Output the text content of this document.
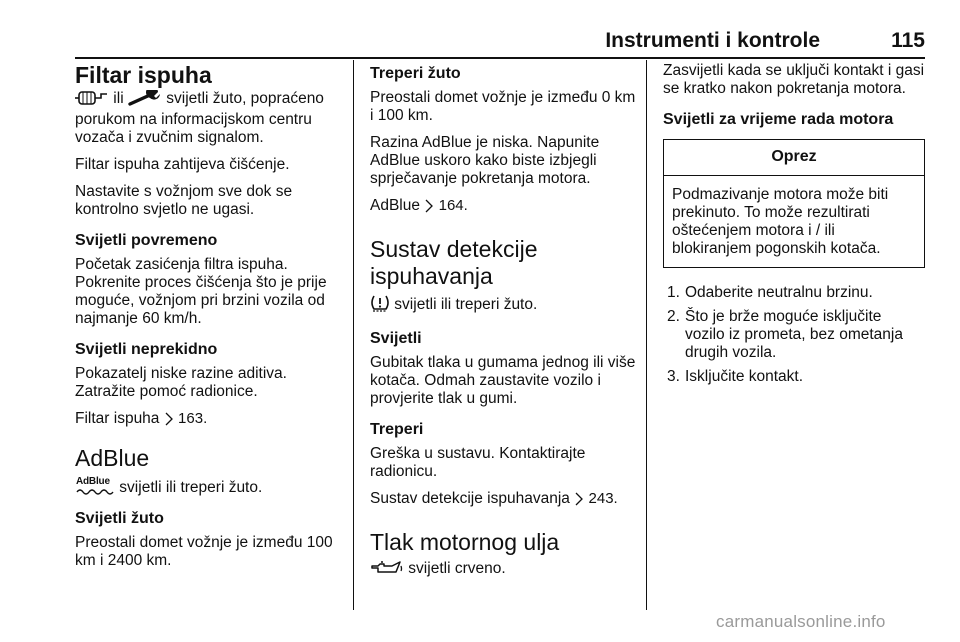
Instrumenti i kontrole	115
Filtar ispuha

ili  svijetli žuto, popraćeno porukom na informacijskom centru vozača i zvučnim signalom.

Filtar ispuha zahtijeva čišćenje.

Nastavite s vožnjom sve dok se kontrolno svjetlo ne ugasi.

Svijetli povremeno

Početak zasićenja filtra ispuha. Pokrenite proces čišćenja što je prije moguće, vožnjom pri brzini vozila od najmanje 60 km/h.

Svijetli neprekidno

Pokazatelj niske razine aditiva. Zatražite pomoć radionice.

Filtar ispuha  163.

AdBlue

AdBlue svijetli ili treperi žuto.

Svijetli žuto

Preostali domet vožnje je između 100 km i 2400 km.

Treperi žuto

Preostali domet vožnje je između 0 km i 100 km.

Razina AdBlue je niska. Napunite AdBlue uskoro kako biste izbjegli sprječavanje pokretanja motora.

AdBlue  164.

Sustav detekcije ispuhavanja

svijetli ili treperi žuto.

Svijetli

Gubitak tlaka u gumama jednog ili više kotača. Odmah zaustavite vozilo i provjerite tlak u gumi.

Treperi

Greška u sustavu. Kontaktirajte radionicu.

Sustav detekcije ispuhavanja  243.

Tlak motornog ulja

svijetli crveno.

Zasvijetli kada se uključi kontakt i gasi se kratko nakon pokretanja motora.

Svijetli za vrijeme rada motora
Oprez
Podmazivanje motora može biti prekinuto. To može rezultirati oštećenjem motora i / ili blokiranjem pogonskih kotača.
1. Odaberite neutralnu brzinu.
2. Što je brže moguće isključite vozilo iz prometa, bez ometanja drugih vozila.
3. Isključite kontakt.
carmanualsonline.info
